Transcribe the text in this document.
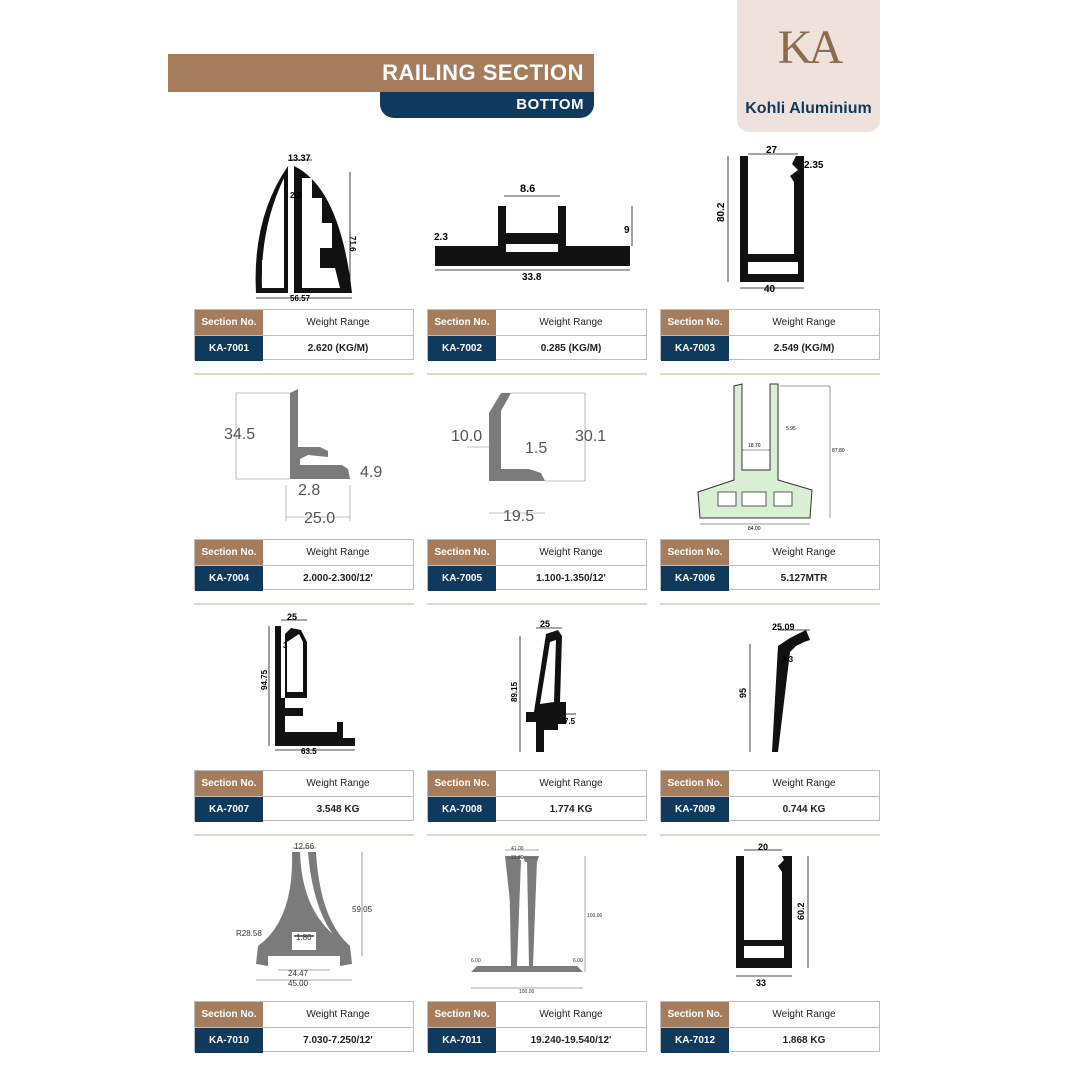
RAILING SECTION
BOTTOM
KA
Kohli Aluminium
13.37
2.3
71.6
56.57
8.6
2.3
9
33.8
27
2.35
80.2
40
Section No.	Weight Range
KA-7001	2.620 (KG/M)
Section No.	Weight Range
KA-7002	0.285 (KG/M)
Section No.	Weight Range
KA-7003	2.549 (KG/M)
34.5
4.9
2.8
25.0
10.0
1.5
30.1
19.5
5.95
18.70
87.80
84.00
Section No.	Weight Range
KA-7004	2.000-2.300/12'
Section No.	Weight Range
KA-7005	1.100-1.350/12'
Section No.	Weight Range
KA-7006	5.127MTR
25
3
94.75
63.5
25
89.15
7.5
25.09
2.3
95
Section No.	Weight Range
KA-7007	3.548 KG
Section No.	Weight Range
KA-7008	1.774 KG
Section No.	Weight Range
KA-7009	0.744 KG
12.66
59.05
R28.58	1.80
24.47
45.00
41.00
21.80
100.00
6.00	6.00
100.00
20
60.2
33
Section No.	Weight Range
KA-7010	7.030-7.250/12'
Section No.	Weight Range
KA-7011	19.240-19.540/12'
Section No.	Weight Range
KA-7012	1.868 KG
